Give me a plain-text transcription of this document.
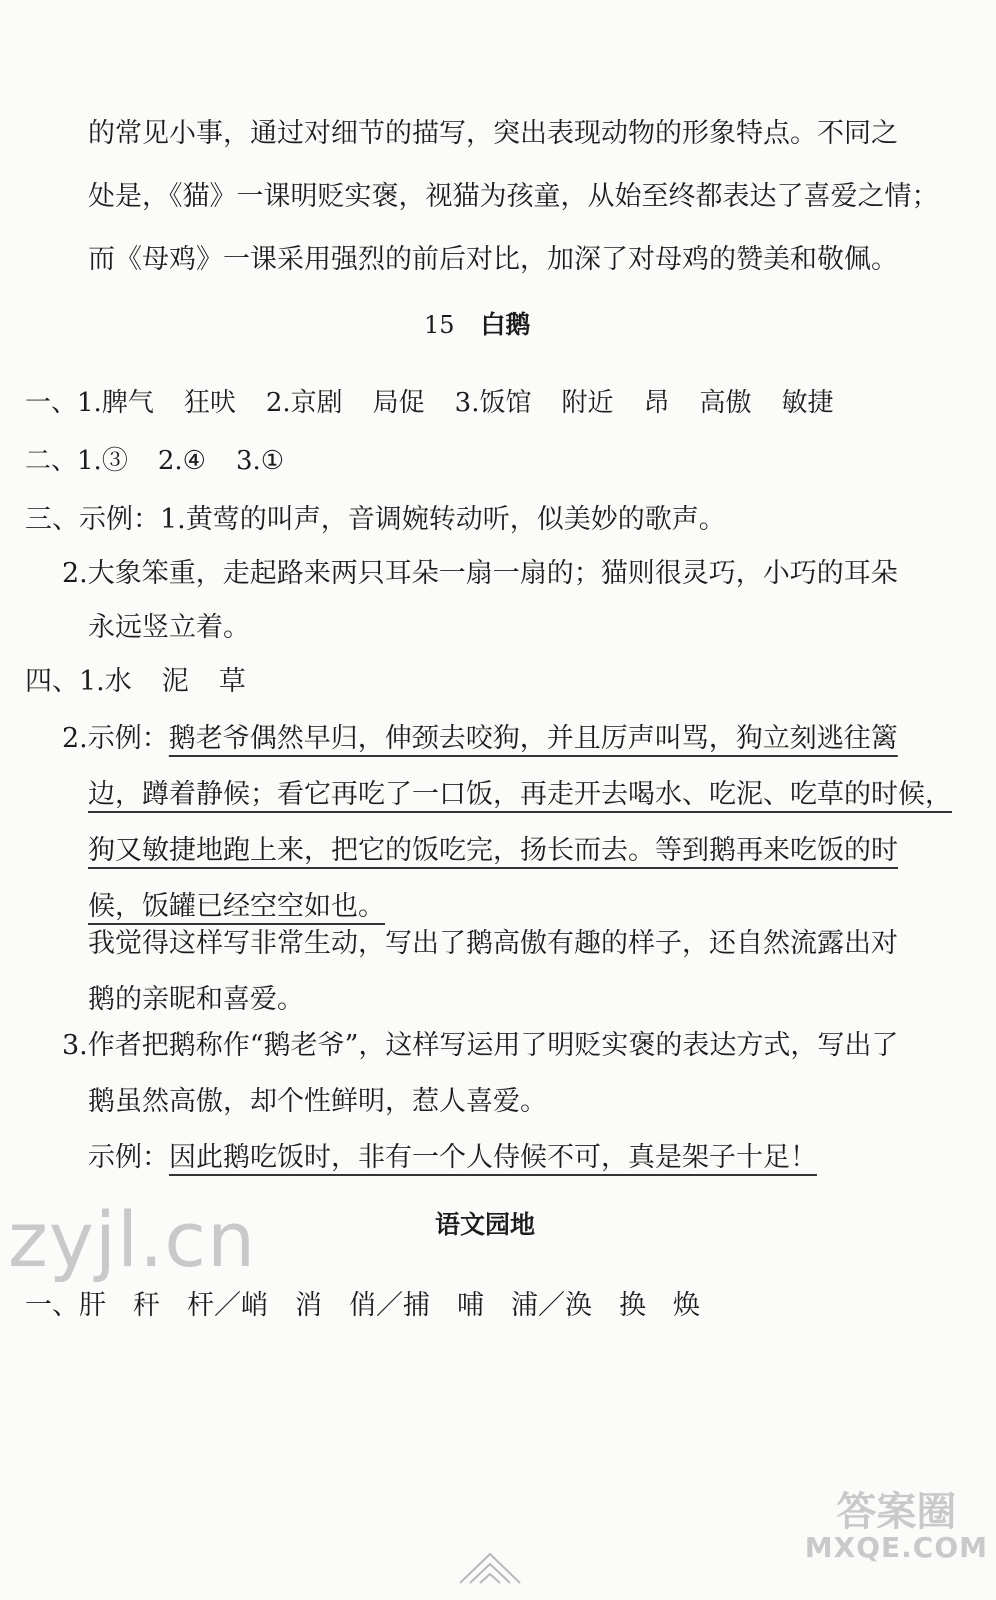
的常见小事，通过对细节的描写，突出表现动物的形象特点。不同之
处是，《猫》一课明贬实褒，视猫为孩童，从始至终都表达了喜爱之情；
而《母鸡》一课采用强烈的前后对比，加深了对母鸡的赞美和敬佩。
15 白鹅
一、1.脾气 狂吠 2.京剧 局促 3.饭馆 附近 昂 高傲 敏捷
二、1.③ 2.④ 3.①
三、示例：1.黄莺的叫声，音调婉转动听，似美妙的歌声。
2.大象笨重，走起路来两只耳朵一扇一扇的；猫则很灵巧，小巧的耳朵
永远竖立着。
四、1.水 泥 草
2.示例：鹅老爷偶然早归，伸颈去咬狗，并且厉声叫骂，狗立刻逃往篱
边，蹲着静候；看它再吃了一口饭，再走开去喝水、吃泥、吃草的时候，
狗又敏捷地跑上来，把它的饭吃完，扬长而去。等到鹅再来吃饭的时
候，饭罐已经空空如也。
我觉得这样写非常生动，写出了鹅高傲有趣的样子，还自然流露出对
鹅的亲昵和喜爱。
3.作者把鹅称作“鹅老爷”，这样写运用了明贬实褒的表达方式，写出了
鹅虽然高傲，却个性鲜明，惹人喜爱。
示例：因此鹅吃饭时，非有一个人侍候不可，真是架子十足！
zyjl.cn	语文园地
一、肝　秆　杆／峭　消　俏／捕　哺　浦／涣　换　焕
答案圈
MXQE.COM
